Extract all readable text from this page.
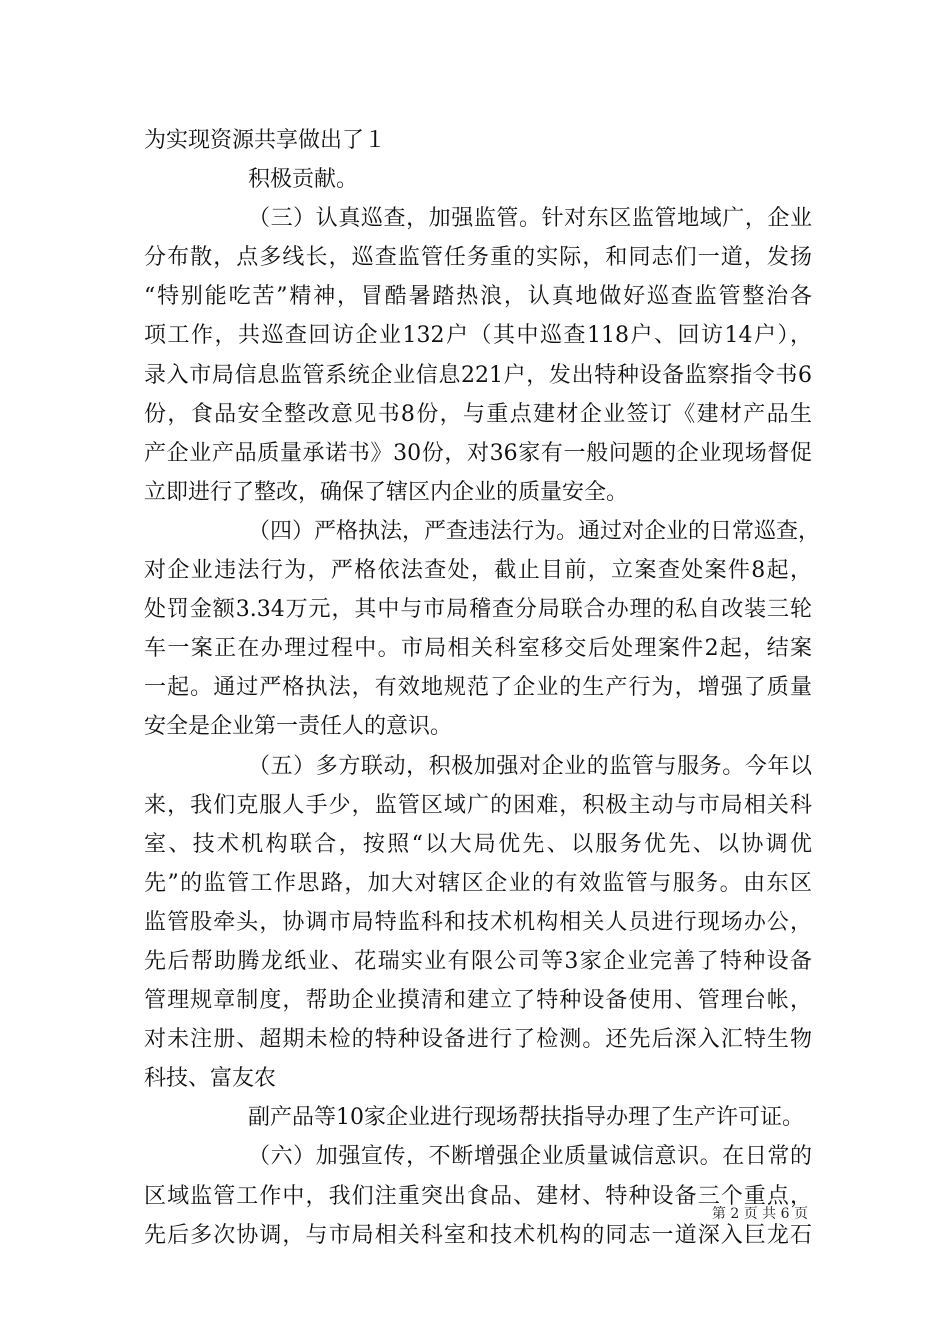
为实现资源共享做出了１
积极贡献。
（三）认真巡查，加强监管。针对东区监管地域广，企业
分布散，点多线长，巡查监管任务重的实际，和同志们一道，发扬
“特别能吃苦”精神，冒酷暑踏热浪，认真地做好巡查监管整治各
项工作，共巡查回访企业132户（其中巡查118户、回访14户），
录入市局信息监管系统企业信息221户，发出特种设备监察指令书6
份，食品安全整改意见书8份，与重点建材企业签订《建材产品生
产企业产品质量承诺书》30份，对36家有一般问题的企业现场督促
立即进行了整改，确保了辖区内企业的质量安全。
（四）严格执法，严查违法行为。通过对企业的日常巡查，
对企业违法行为，严格依法查处，截止目前，立案查处案件8起，
处罚金额3.34万元，其中与市局稽查分局联合办理的私自改装三轮
车一案正在办理过程中。市局相关科室移交后处理案件2起，结案
一起。通过严格执法，有效地规范了企业的生产行为，增强了质量
安全是企业第一责任人的意识。
（五）多方联动，积极加强对企业的监管与服务。今年以
来，我们克服人手少，监管区域广的困难，积极主动与市局相关科
室、技术机构联合，按照“以大局优先、以服务优先、以协调优
先”的监管工作思路，加大对辖区企业的有效监管与服务。由东区
监管股牵头，协调市局特监科和技术机构相关人员进行现场办公，
先后帮助腾龙纸业、花瑞实业有限公司等3家企业完善了特种设备
管理规章制度，帮助企业摸清和建立了特种设备使用、管理台帐，
对未注册、超期未检的特种设备进行了检测。还先后深入汇特生物
科技、富友农
副产品等10家企业进行现场帮扶指导办理了生产许可证。
（六）加强宣传，不断增强企业质量诚信意识。在日常的
区域监管工作中，我们注重突出食品、建材、特种设备三个重点，
先后多次协调，与市局相关科室和技术机构的同志一道深入巨龙石
第 2 页 共 6 页
